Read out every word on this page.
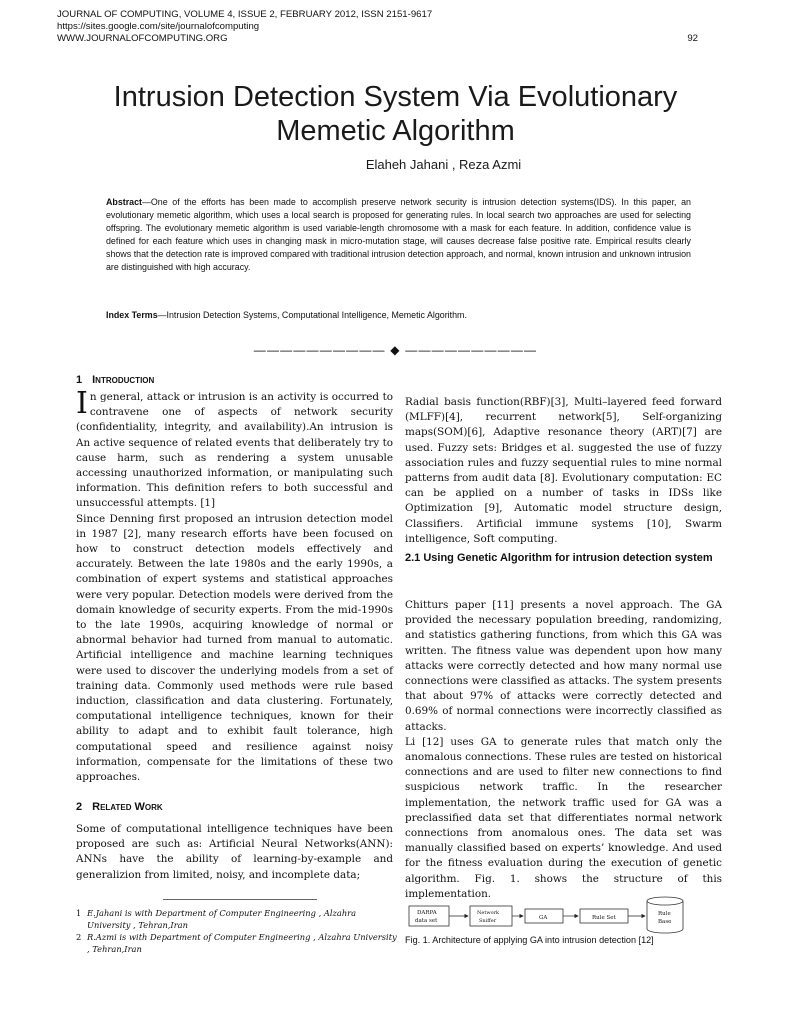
JOURNAL OF COMPUTING, VOLUME 4, ISSUE 2, FEBRUARY 2012, ISSN 2151-9617
https://sites.google.com/site/journalofcomputing
WWW.JOURNALOFCOMPUTING.ORG	92
Intrusion Detection System Via Evolutionary
Memetic Algorithm
Elaheh Jahani , Reza Azmi
Abstract—One of the efforts has been made to accomplish preserve network security is intrusion detection systems(IDS). In this paper, an evolutionary memetic algorithm, which uses a local search is proposed for generating rules. In local search two approaches are used for selecting offspring. The evolutionary memetic algorithm is used variable-length chromosome with a mask for each feature. In addition, confidence value is defined for each feature which uses in changing mask in micro-mutation stage, will causes decrease false positive rate. Empirical results clearly shows that the detection rate is improved compared with traditional intrusion detection approach, and normal, known intrusion and unknown intrusion are distinguished with high accuracy.
Index Terms—Intrusion Detection Systems, Computational Intelligence, Memetic Algorithm.
—————————— ◆ ——————————
1 Introduction

In general, attack or intrusion is an activity is occurred to contravene one of aspects of network security (confidentiality, integrity, and availability).An intrusion is An active sequence of related events that deliberately try to cause harm, such as rendering a system unusable accessing unauthorized information, or manipulating such information. This definition refers to both successful and unsuccessful attempts. [1]

Since Denning first proposed an intrusion detection model in 1987 [2], many research efforts have been focused on how to construct detection models effectively and accurately. Between the late 1980s and the early 1990s, a combination of expert systems and statistical approaches were very popular. Detection models were derived from the domain knowledge of security experts. From the mid-1990s to the late 1990s, acquiring knowledge of normal or abnormal behavior had turned from manual to automatic. Artificial intelligence and machine learning techniques were used to discover the underlying models from a set of training data. Commonly used methods were rule based induction, classification and data clustering. Fortunately, computational intelligence techniques, known for their ability to adapt and to exhibit fault tolerance, high computational speed and resilience against noisy information, compensate for the limitations of these two approaches.

2 Related Work
Some of computational intelligence techniques have been proposed are such as: Artificial Neural Networks(ANN): ANNs have the ability of learning-by-example and generalizion from limited, noisy, and incomplete data;
Radial basis function(RBF)[3], Multi–layered feed forward (MLFF)[4], recurrent network[5], Self-organizing maps(SOM)[6], Adaptive resonance theory (ART)[7] are used. Fuzzy sets: Bridges et al. suggested the use of fuzzy association rules and fuzzy sequential rules to mine normal patterns from audit data [8]. Evolutionary computation: EC can be applied on a number of tasks in IDSs like Optimization [9], Automatic model structure design, Classifiers. Artificial immune systems [10], Swarm intelligence, Soft computing.
2.1 Using Genetic Algorithm for intrusion detection system

Chitturs paper [11] presents a novel approach. The GA provided the necessary population breeding, randomizing, and statistics gathering functions, from which this GA was written. The fitness value was dependent upon how many attacks were correctly detected and how many normal use connections were classified as attacks. The system presents that about 97% of attacks were correctly detected and 0.69% of normal connections were incorrectly classified as attacks.

Li [12] uses GA to generate rules that match only the anomalous connections. These rules are tested on historical connections and are used to filter new connections to find suspicious network traffic. In the researcher implementation, the network traffic used for GA was a preclassified data set that differentiates normal network connections from anomalous ones. The data set was manually classified based on experts’ knowledge. And used for the fitness evaluation during the execution of genetic algorithm. Fig. 1. shows the structure of this implementation.

1 E.Jahani is with Department of Computer Engineering , Alzahra University , Tehran,Iran
2 R.Azmi is with Department of Computer Engineering , Alzahra University , Tehran,Iran
DARPA
data set
Network
Sniffer	GA	Rule Set
Rule
Base
Fig. 1. Architecture of applying GA into intrusion detection [12]
